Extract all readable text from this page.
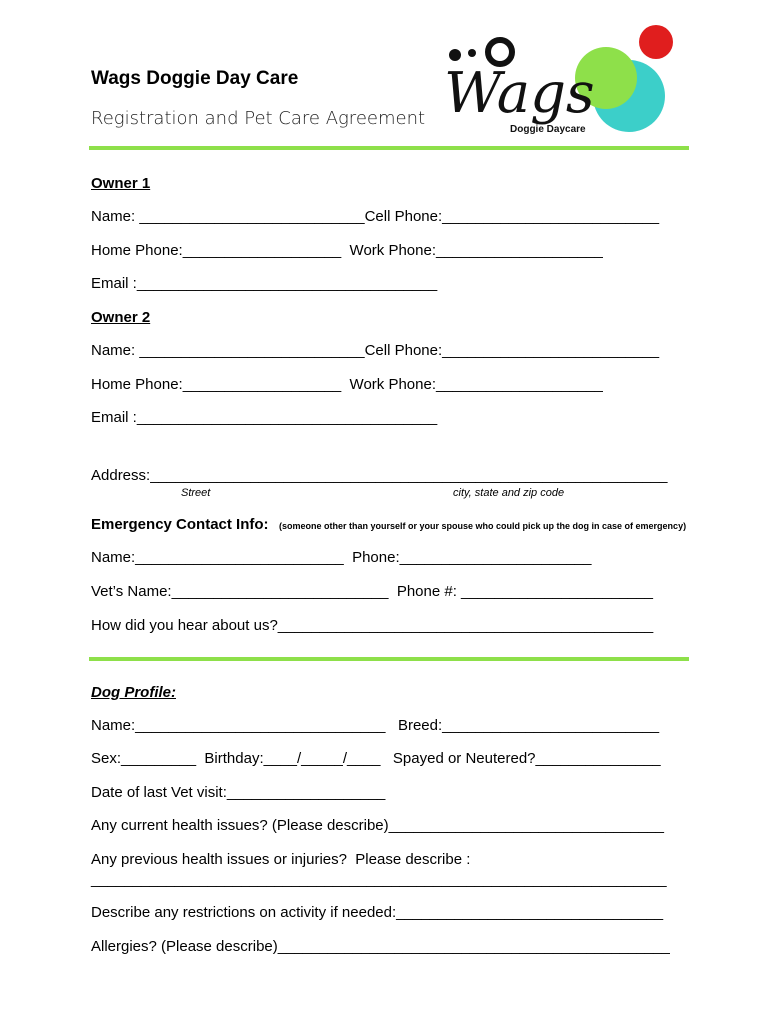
Wags Doggie Day Care
Registration and Pet Care Agreement Wags
Doggie Daycare
Owner 1
Name: ___________________________Cell Phone:__________________________
Home Phone:___________________  Work Phone:____________________
Email :____________________________________
Owner 2
Name: ___________________________Cell Phone:__________________________
Home Phone:___________________  Work Phone:____________________
Email :____________________________________
Address:______________________________________________________________
Street	city, state and zip code
Emergency Contact Info: (someone other than yourself or your spouse who could pick up the dog in case of emergency)
Name:_________________________  Phone:_______________________
Vet’s Name:__________________________  Phone #: _______________________
How did you hear about us?_____________________________________________
Dog Profile:
Name:______________________________   Breed:__________________________
Sex:_________  Birthday:____/_____/____   Spayed or Neutered?_______________
Date of last Vet visit:___________________
Any current health issues? (Please describe)_________________________________
Any previous health issues or injuries?  Please describe :
_____________________________________________________________________
Describe any restrictions on activity if needed:________________________________
Allergies? (Please describe)_______________________________________________
